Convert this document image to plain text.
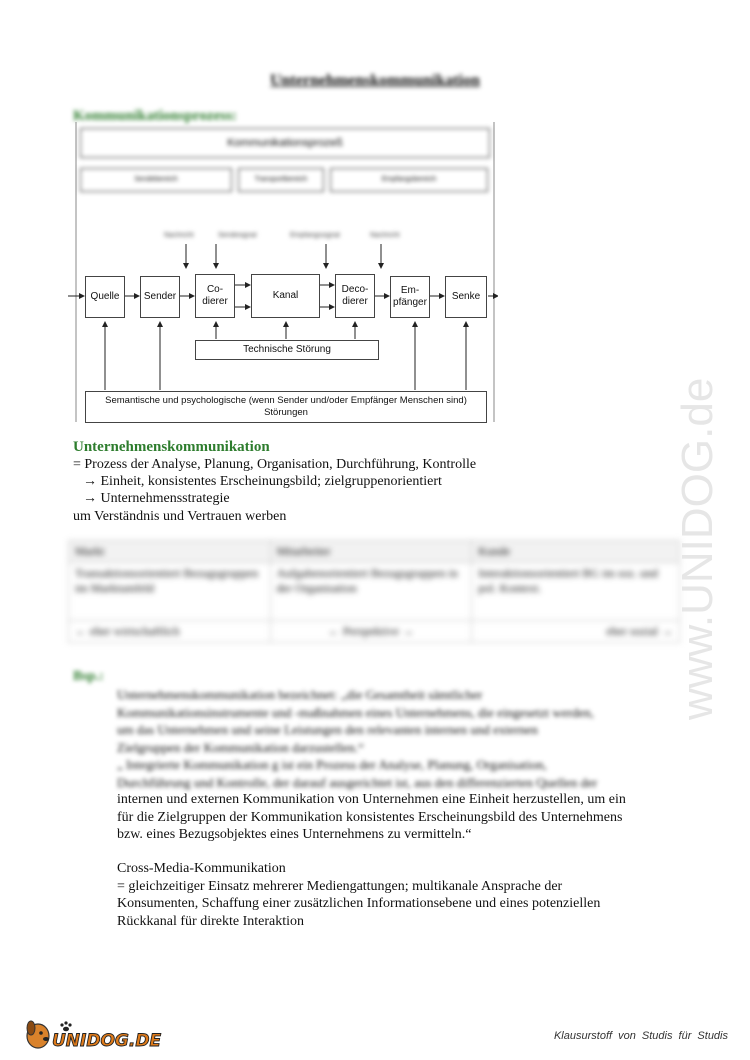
Unternehmenskommunikation
Kommunikationsprozess:
Kommunikationsprozeß
Sendebereich	Transportbereich	Empfangsbereich
Nachricht	Sendesignal	Empfangssignal	Nachricht
Quelle	Sender
Co-
dierer
Kanal
Deco-
dierer
Em-
pfänger
Senke
Technische Störung
Semantische und psychologische (wenn Sender und/oder Empfänger Menschen sind)
Störungen
Unternehmenskommunikation
= Prozess der Analyse, Planung, Organisation, Durchführung, Kontrolle
→ Einheit, konsistentes Erscheinungsbild; zielgruppenorientiert
→ Unternehmensstrategie
um Verständnis und Vertrauen werben
Markt	Mitarbeiter	Kunde
Transaktionsorientiert Bezugsgruppen im Marktumfeld	Aufgabenorientiert Bezugsgruppen in der Organisation	Interaktionsorientiert BG im soz. und pol. Kontext.
← eher wirtschaftlich	← Perspektive →	eher sozial →
Bsp.:
Unternehmenskommunikation bezeichnet: „die Gesamtheit sämtlicher
Kommunikationsinstrumente und -maßnahmen eines Unternehmens, die eingesetzt werden,
um das Unternehmen und seine Leistungen den relevanten internen und externen
Zielgruppen der Kommunikation darzustellen.“
„ Integrierte Kommunikation g ist ein Prozess der Analyse, Planung, Organisation,
Durchführung und Kontrolle, der darauf ausgerichtet ist, aus den differenzierten Quellen der
internen und externen Kommunikation von Unternehmen eine Einheit herzustellen, um ein
für die Zielgruppen der Kommunikation konsistentes Erscheinungsbild des Unternehmens
bzw. eines Bezugsobjektes eines Unternehmens zu vermitteln.“
Cross-Media-Kommunikation
= gleichzeitiger Einsatz mehrerer Mediengattungen; multikanale Ansprache der
Konsumenten, Schaffung einer zusätzlichen Informationsebene und eines potenziellen
Rückkanal für direkte Interaktion
www.UNIDOG.de
UNIDOG.DE	Klausurstoff von Studis für Studis
